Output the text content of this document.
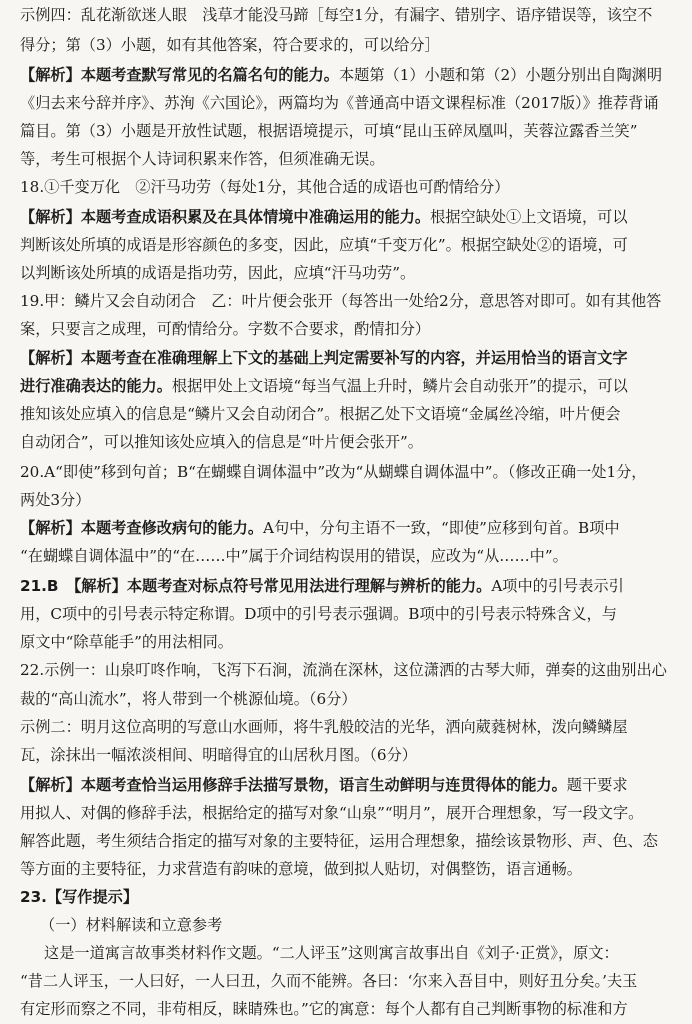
示例四：乱花渐欲迷人眼　浅草才能没马蹄［每空1分，有漏字、错别字、语序错误等，该空不
得分；第（3）小题，如有其他答案，符合要求的，可以给分］
【解析】本题考查默写常见的名篇名句的能力。本题第（1）小题和第（2）小题分别出自陶渊明
《归去来兮辞并序》、苏洵《六国论》，两篇均为《普通高中语文课程标准（2017版）》推荐背诵
篇目。第（3）小题是开放性试题，根据语境提示，可填“昆山玉碎凤凰叫，芙蓉泣露香兰笑”
等，考生可根据个人诗词积累来作答，但须准确无误。
18.①千变万化　②汗马功劳（每处1分，其他合适的成语也可酌情给分）
【解析】本题考查成语积累及在具体情境中准确运用的能力。根据空缺处①上文语境，可以
判断该处所填的成语是形容颜色的多变，因此，应填“千变万化”。根据空缺处②的语境，可
以判断该处所填的成语是指功劳，因此，应填“汗马功劳”。
19.甲：鳞片又会自动闭合　乙：叶片便会张开（每答出一处给2分，意思答对即可。如有其他答
案，只要言之成理，可酌情给分。字数不合要求，酌情扣分）
【解析】本题考查在准确理解上下文的基础上判定需要补写的内容，并运用恰当的语言文字
进行准确表达的能力。根据甲处上文语境“每当气温上升时，鳞片会自动张开”的提示，可以
推知该处应填入的信息是“鳞片又会自动闭合”。根据乙处下文语境“金属丝冷缩，叶片便会
自动闭合”，可以推知该处应填入的信息是“叶片便会张开”。
20.A“即使”移到句首；B“在蝴蝶自调体温中”改为“从蝴蝶自调体温中”。（修改正确一处1分，
两处3分）
【解析】本题考查修改病句的能力。A句中，分句主语不一致，“即使”应移到句首。B项中
“在蝴蝶自调体温中”的“在……中”属于介词结构误用的错误，应改为“从……中”。
21.B　【解析】本题考查对标点符号常见用法进行理解与辨析的能力。A项中的引号表示引
用，C项中的引号表示特定称谓。D项中的引号表示强调。B项中的引号表示特殊含义，与
原文中“除草能手”的用法相同。
22.示例一：山泉叮咚作响，飞泻下石涧，流淌在深林，这位潇洒的古琴大师，弹奏的这曲别出心
裁的“高山流水”，将人带到一个桃源仙境。（6分）
示例二：明月这位高明的写意山水画师，将牛乳般皎洁的光华，洒向葳蕤树林，泼向鳞鳞屋
瓦，涂抹出一幅浓淡相间、明暗得宜的山居秋月图。（6分）
【解析】本题考查恰当运用修辞手法描写景物，语言生动鲜明与连贯得体的能力。题干要求
用拟人、对偶的修辞手法，根据给定的描写对象“山泉”“明月”，展开合理想象，写一段文字。
解答此题，考生须结合指定的描写对象的主要特征，运用合理想象，描绘该景物形、声、色、态
等方面的主要特征，力求营造有韵味的意境，做到拟人贴切，对偶整饬，语言通畅。
23.【写作提示】
（一）材料解读和立意参考
这是一道寓言故事类材料作文题。“二人评玉”这则寓言故事出自《刘子·正赏》，原文：
“昔二人评玉，一人曰好，一人曰丑，久而不能辨。各曰：‘尔来入吾目中，则好丑分矣。’夫玉
有定形而察之不同，非苟相反，睐睛殊也。”它的寓意：每个人都有自己判断事物的标准和方
